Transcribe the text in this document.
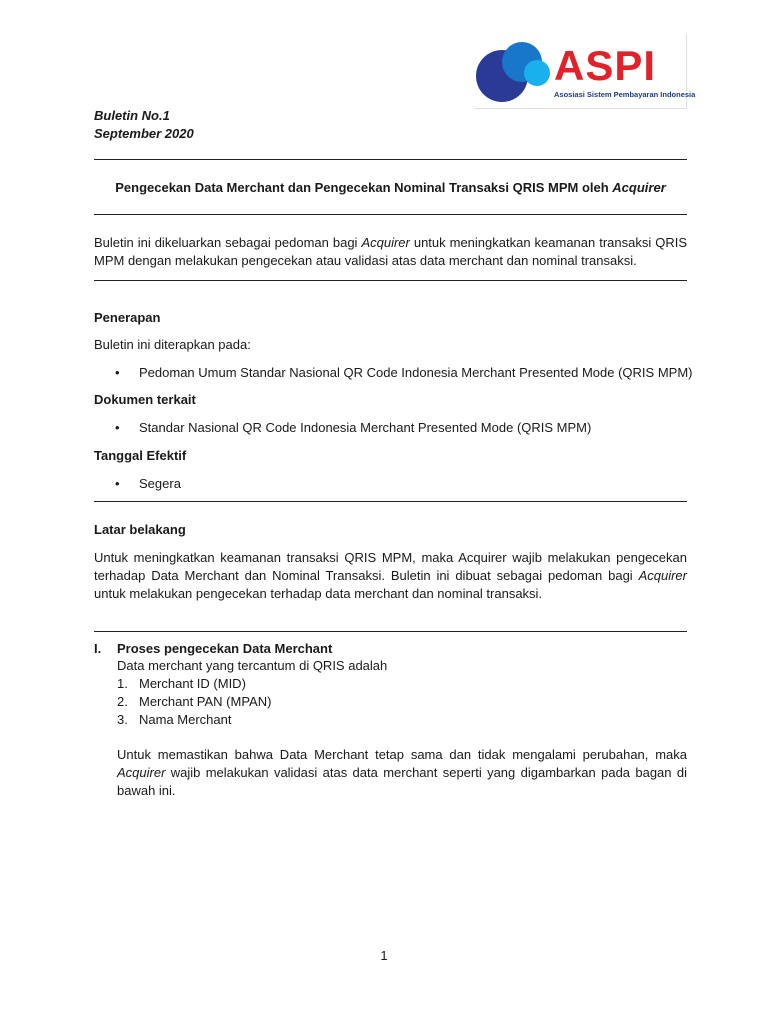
ASPI
Asosiasi Sistem Pembayaran Indonesia
Buletin No.1
September 2020
Pengecekan Data Merchant dan Pengecekan Nominal Transaksi QRIS MPM oleh Acquirer
Buletin ini dikeluarkan sebagai pedoman bagi Acquirer untuk meningkatkan keamanan transaksi QRIS MPM dengan melakukan pengecekan atau validasi atas data merchant dan nominal transaksi.
Penerapan
Buletin ini diterapkan pada:
• Pedoman Umum Standar Nasional QR Code Indonesia Merchant Presented Mode (QRIS MPM)
Dokumen terkait
• Standar Nasional QR Code Indonesia Merchant Presented Mode (QRIS MPM)
Tanggal Efektif
• Segera
Latar belakang
Untuk meningkatkan keamanan transaksi QRIS MPM, maka Acquirer wajib melakukan pengecekan terhadap Data Merchant dan Nominal Transaksi. Buletin ini dibuat sebagai pedoman bagi Acquirer untuk melakukan pengecekan terhadap data merchant dan nominal transaksi.
I. Proses pengecekan Data Merchant
Data merchant yang tercantum di QRIS adalah
1. Merchant ID (MID)
2. Merchant PAN (MPAN)
3. Nama Merchant
Untuk memastikan bahwa Data Merchant tetap sama dan tidak mengalami perubahan, maka Acquirer wajib melakukan validasi atas data merchant seperti yang digambarkan pada bagan di bawah ini.
1
